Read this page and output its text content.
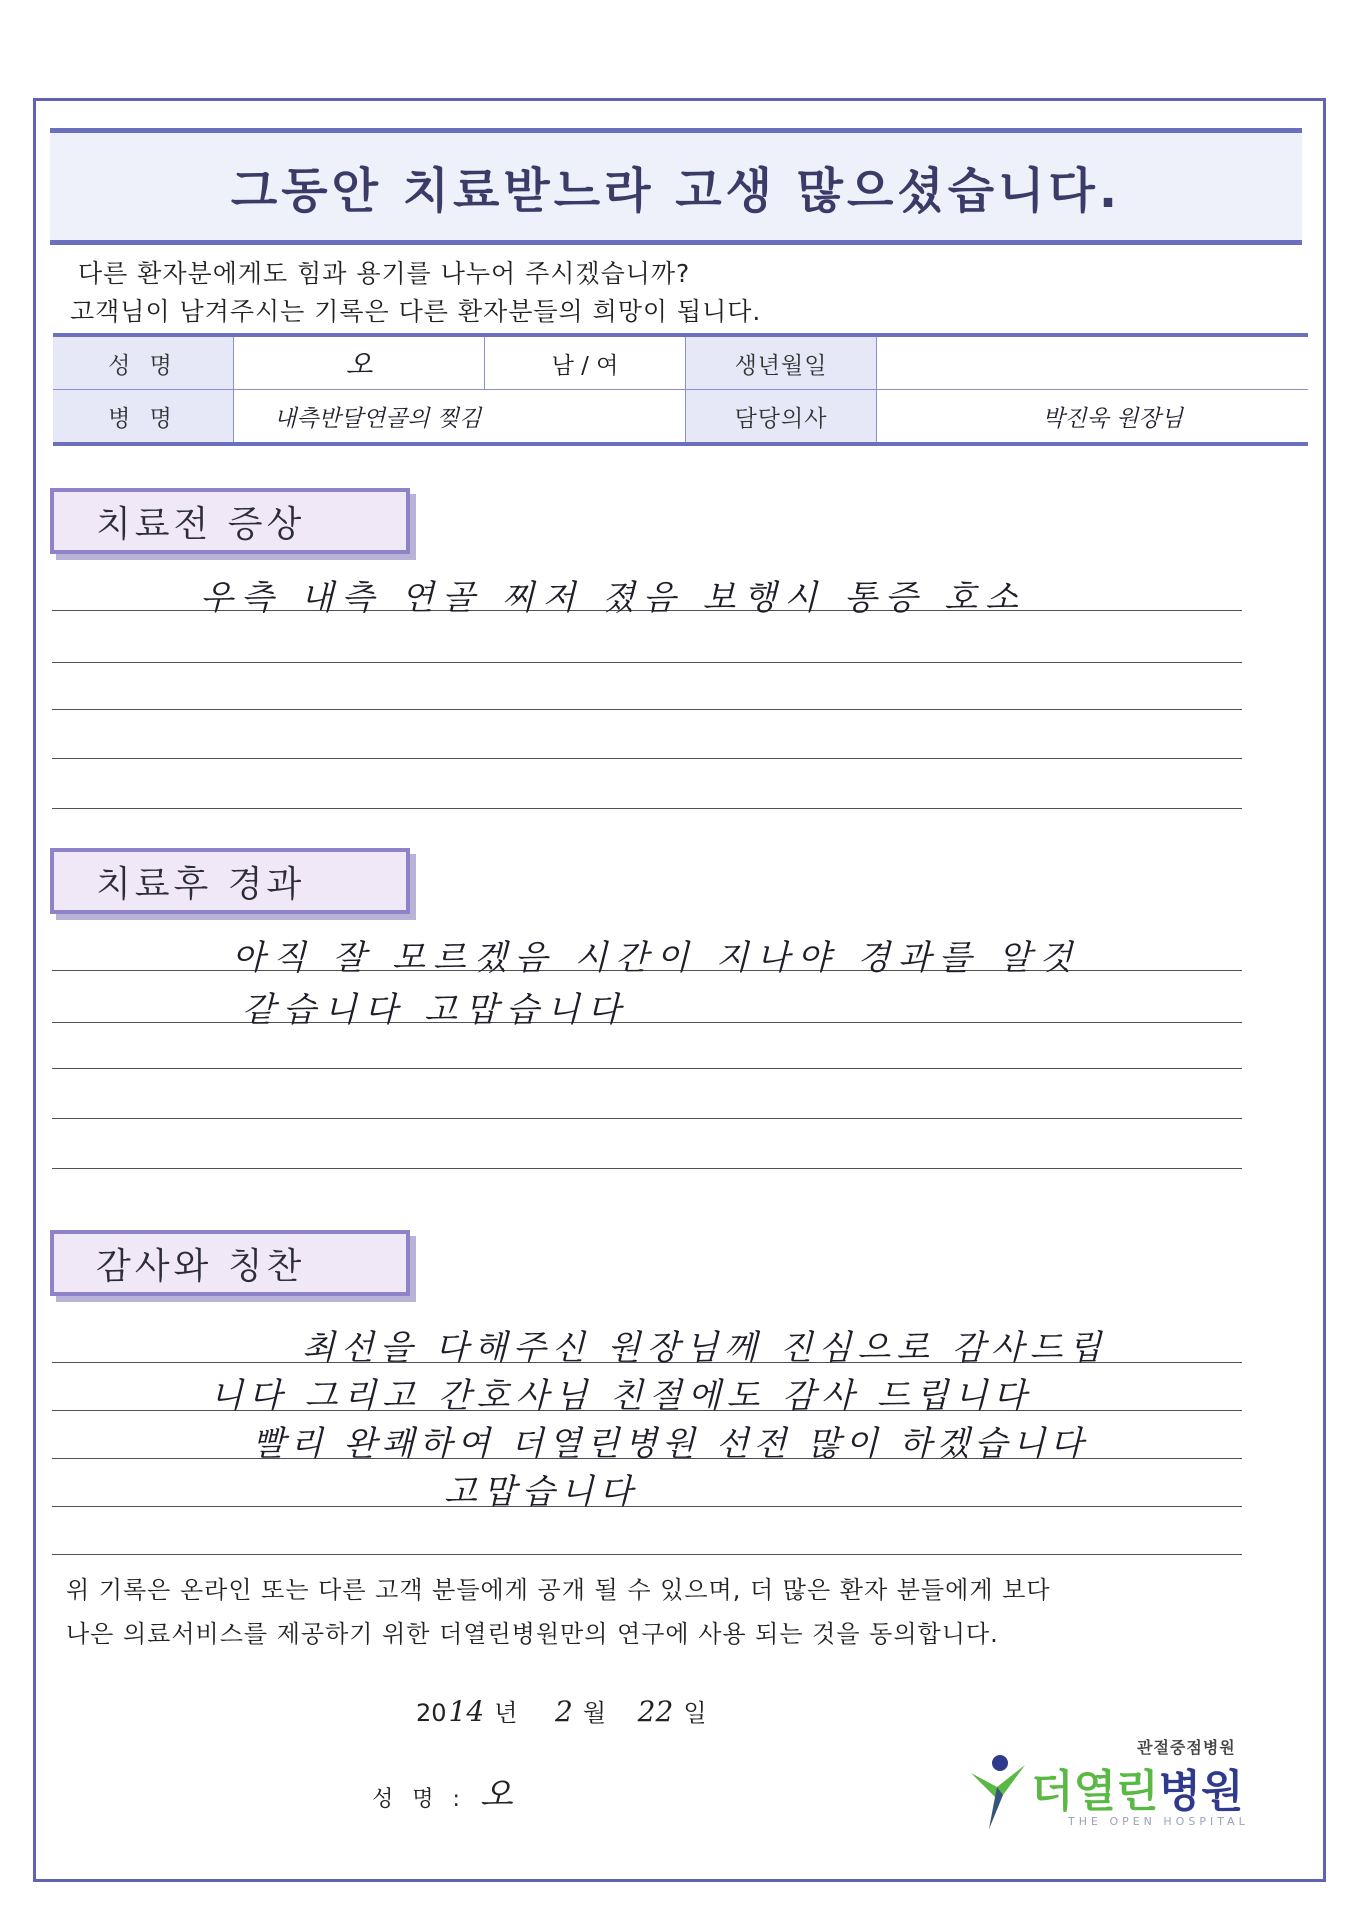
그동안 치료받느라 고생 많으셨습니다.

다른 환자분에게도 힘과 용기를 나누어 주시겠습니까?

고객님이 남겨주시는 기록은 다른 환자분들의 희망이 됩니다.

성 명	오	남 / 여	생년월일	
병 명	내측반달연골의 찢김		담당의사	박진욱 원장님
치료전 증상
우측 내측 연골 찌저 졌음 보행시 통증 호소
치료후 경과
아직 잘 모르겠음 시간이 지나야 경과를 알것
같습니다 고맙습니다
감사와 칭찬
최선을 다해주신 원장님께 진심으로 감사드립
니다 그리고 간호사님 친절에도 감사 드립니다
빨리 완쾌하여 더열린병원 선전 많이 하겠습니다
고맙습니다

위 기록은 온라인 또는 다른 고객 분들에게 공개 될 수 있으며, 더 많은 환자 분들에게 보다

나은 의료서비스를 제공하기 위한 더열린병원만의 연구에 사용 되는 것을 동의합니다.

2014 년 2 월 22 일
성 명 : 오
관절중점병원
더열린병원
THE OPEN HOSPITAL
